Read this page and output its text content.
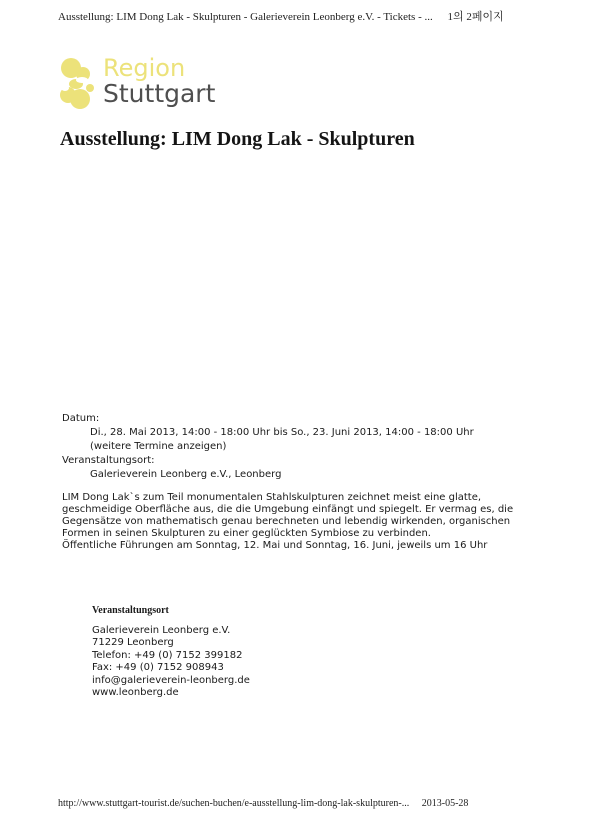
Ausstellung: LIM Dong Lak - Skulpturen - Galerieverein Leonberg e.V. - Tickets - ... 1의 2페이지
Region
Stuttgart
Ausstellung: LIM Dong Lak - Skulpturen
Datum:
Di., 28. Mai 2013, 14:00 - 18:00 Uhr bis So., 23. Juni 2013, 14:00 - 18:00 Uhr
(weitere Termine anzeigen)
Veranstaltungsort:
Galerieverein Leonberg e.V., Leonberg

LIM Dong Lak`s zum Teil monumentalen Stahlskulpturen zeichnet meist eine glatte, geschmeidige Oberfläche aus, die die Umgebung einfängt und spiegelt. Er vermag es, die Gegensätze von mathematisch genau berechneten und lebendig wirkenden, organischen Formen in seinen Skulpturen zu einer geglückten Symbiose zu verbinden.

Öffentliche Führungen am Sonntag, 12. Mai und Sonntag, 16. Juni, jeweils um 16 Uhr

Veranstaltungsort
Galerieverein Leonberg e.V.
71229 Leonberg
Telefon: +49 (0) 7152 399182
Fax: +49 (0) 7152 908943
info@galerieverein-leonberg.de
www.leonberg.de
http://www.stuttgart-tourist.de/suchen-buchen/e-ausstellung-lim-dong-lak-skulpturen-... 2013-05-28
